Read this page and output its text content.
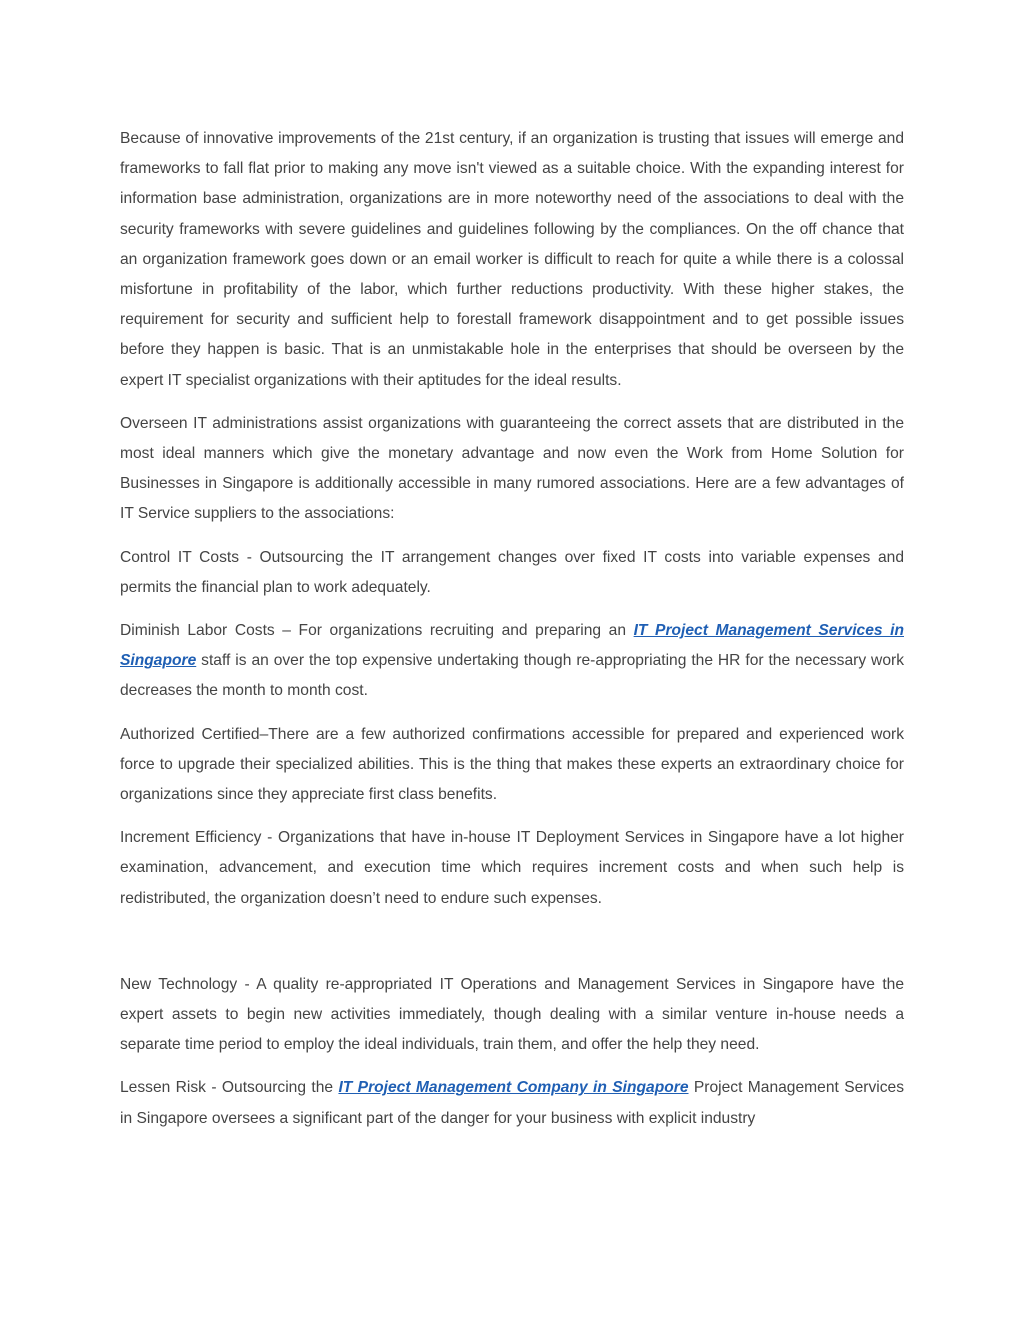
Because of innovative improvements of the 21st century, if an organization is trusting that issues will emerge and frameworks to fall flat prior to making any move isn't viewed as a suitable choice. With the expanding interest for information base administration, organizations are in more noteworthy need of the associations to deal with the security frameworks with severe guidelines and guidelines following by the compliances. On the off chance that an organization framework goes down or an email worker is difficult to reach for quite a while there is a colossal misfortune in profitability of the labor, which further reductions productivity. With these higher stakes, the requirement for security and sufficient help to forestall framework disappointment and to get possible issues before they happen is basic. That is an unmistakable hole in the enterprises that should be overseen by the expert IT specialist organizations with their aptitudes for the ideal results.

Overseen IT administrations assist organizations with guaranteeing the correct assets that are distributed in the most ideal manners which give the monetary advantage and now even the Work from Home Solution for Businesses in Singapore is additionally accessible in many rumored associations. Here are a few advantages of IT Service suppliers to the associations:

Control IT Costs - Outsourcing the IT arrangement changes over fixed IT costs into variable expenses and permits the financial plan to work adequately.

Diminish Labor Costs – For organizations recruiting and preparing an IT Project Management Services in Singapore staff is an over the top expensive undertaking though re-appropriating the HR for the necessary work decreases the month to month cost.

Authorized Certified–There are a few authorized confirmations accessible for prepared and experienced work force to upgrade their specialized abilities. This is the thing that makes these experts an extraordinary choice for organizations since they appreciate first class benefits.

Increment Efficiency - Organizations that have in-house IT Deployment Services in Singapore have a lot higher examination, advancement, and execution time which requires increment costs and when such help is redistributed, the organization doesn’t need to endure such expenses.

New Technology - A quality re-appropriated IT Operations and Management Services in Singapore have the expert assets to begin new activities immediately, though dealing with a similar venture in-house needs a separate time period to employ the ideal individuals, train them, and offer the help they need.

Lessen Risk - Outsourcing the IT Project Management Company in Singapore Project Management Services in Singapore oversees a significant part of the danger for your business with explicit industry
